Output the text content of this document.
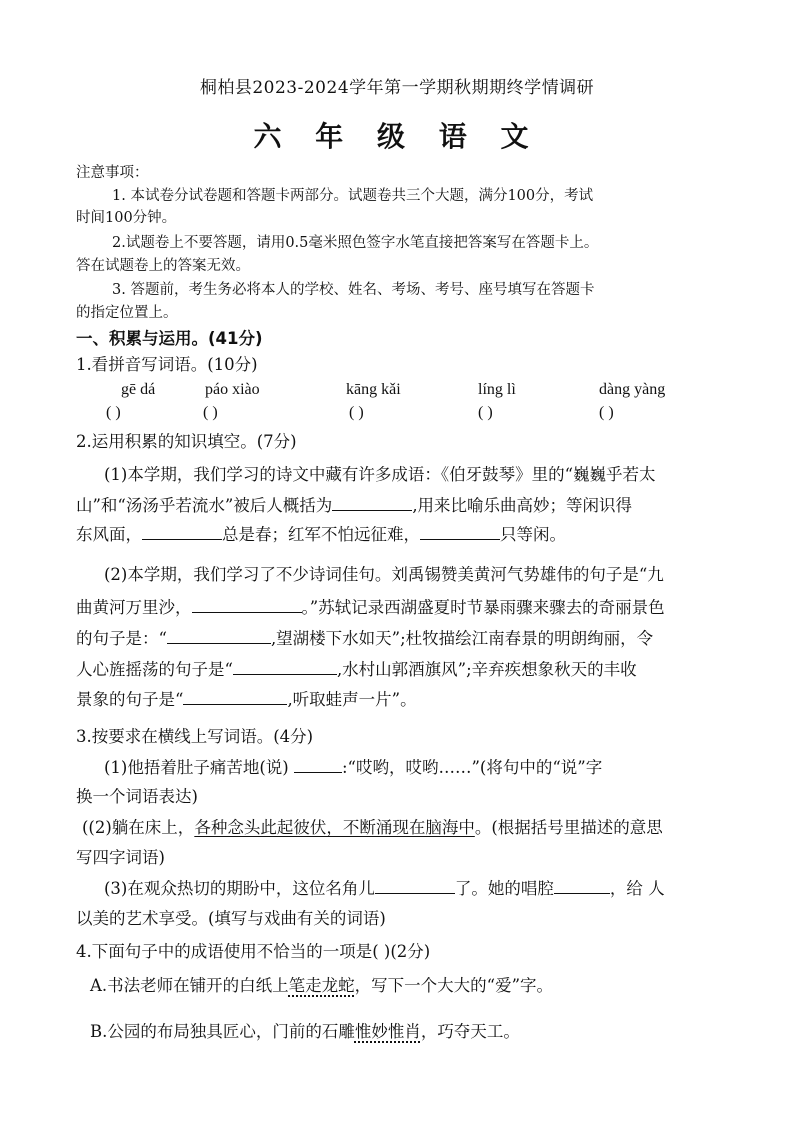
桐柏县2023-2024学年第一学期秋期期终学情调研
六 年 级 语 文
注意事项：
1. 本试卷分试卷题和答题卡两部分。试题卷共三个大题，满分100分，考试
时间100分钟。
2.试题卷上不要答题，请用0.5毫米照色签字水笔直接把答案写在答题卡上。
答在试题卷上的答案无效。
3. 答题前，考生务必将本人的学校、姓名、考场、考号、座号填写在答题卡
的指定位置上。
一、积累与运用。(41分)
1.看拼音写词语。(10分)
gē dá	páo xiào	kāng kǎi	líng lì	dàng yàng
( )	( )	( )	( )	( )
2.运用积累的知识填空。(7分)
(1)本学期，我们学习的诗文中藏有许多成语：《伯牙鼓琴》里的“巍巍乎若太
山”和“汤汤乎若流水”被后人概括为	,用来比喻乐曲高妙；等闲识得
东风面，	总是春；红军不怕远征难，	只等闲。
(2)本学期，我们学习了不少诗词佳句。刘禹锡赞美黄河气势雄伟的句子是“九
曲黄河万里沙，	。”苏轼记录西湖盛夏时节暴雨骤来骤去的奇丽景色
的句子是：“	,望湖楼下水如天”;杜牧描绘江南春景的明朗绚丽，令
人心旌摇荡的句子是“	,水村山郭酒旗风”;辛弃疾想象秋天的丰收
景象的句子是“	,听取蛙声一片”。
3.按要求在横线上写词语。(4分)
(1)他捂着肚子痛苦地(说)	:“哎哟，哎哟……”(将句中的“说”字
换一个词语表达)
((2)躺在床上，各种念头此起彼伏，不断涌现在脑海中。(根据括号里描述的意思
写四字词语)
(3)在观众热切的期盼中，这位名角儿	了。她的唱腔	，给 人
以美的艺术享受。(填写与戏曲有关的词语)
4.下面句子中的成语使用不恰当的一项是( )(2分)
A.书法老师在铺开的白纸上笔走龙蛇，写下一个大大的“爱”字。
B.公园的布局独具匠心，门前的石雕惟妙惟肖，巧夺天工。
